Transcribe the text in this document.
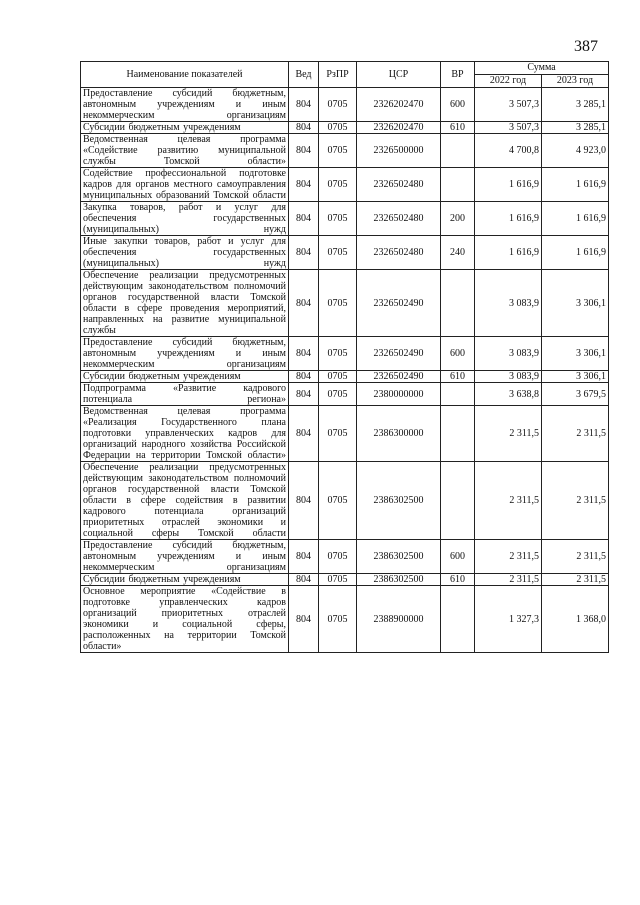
387
Наименование показателей	Вед	РзПР	ЦСР	ВР	Сумма	
					2022 год	2023 год
Предоставление субсидий бюджетным, автономным учреждениям и иным некоммерческим организациям	804	0705	2326202470	600	3 507,3	3 285,1
Субсидии бюджетным учреждениям	804	0705	2326202470	610	3 507,3	3 285,1
Ведомственная целевая программа «Содействие развитию муниципальной службы Томской области»	804	0705	2326500000		4 700,8	4 923,0
Содействие профессиональной подготовке кадров для органов местного самоуправления муниципальных образований Томской области	804	0705	2326502480		1 616,9	1 616,9
Закупка товаров, работ и услуг для обеспечения государственных (муниципальных) нужд	804	0705	2326502480	200	1 616,9	1 616,9
Иные закупки товаров, работ и услуг для обеспечения государственных (муниципальных) нужд	804	0705	2326502480	240	1 616,9	1 616,9
Обеспечение реализации предусмотренных действующим законодательством полномочий органов государственной власти Томской области в сфере проведения мероприятий, направленных на развитие муниципальной службы	804	0705	2326502490		3 083,9	3 306,1
Предоставление субсидий бюджетным, автономным учреждениям и иным некоммерческим организациям	804	0705	2326502490	600	3 083,9	3 306,1
Субсидии бюджетным учреждениям	804	0705	2326502490	610	3 083,9	3 306,1
Подпрограмма «Развитие кадрового потенциала региона»	804	0705	2380000000		3 638,8	3 679,5
Ведомственная целевая программа «Реализация Государственного плана подготовки управленческих кадров для организаций народного хозяйства Российской Федерации на территории Томской области»	804	0705	2386300000		2 311,5	2 311,5
Обеспечение реализации предусмотренных действующим законодательством полномочий органов государственной власти Томской области в сфере содействия в развитии кадрового потенциала организаций приоритетных отраслей экономики и социальной сферы Томской области	804	0705	2386302500		2 311,5	2 311,5
Предоставление субсидий бюджетным, автономным учреждениям и иным некоммерческим организациям	804	0705	2386302500	600	2 311,5	2 311,5
Субсидии бюджетным учреждениям	804	0705	2386302500	610	2 311,5	2 311,5
Основное мероприятие «Содействие в подготовке управленческих кадров организаций приоритетных отраслей экономики и социальной сферы, расположенных на территории Томской области»	804	0705	2388900000		1 327,3	1 368,0
